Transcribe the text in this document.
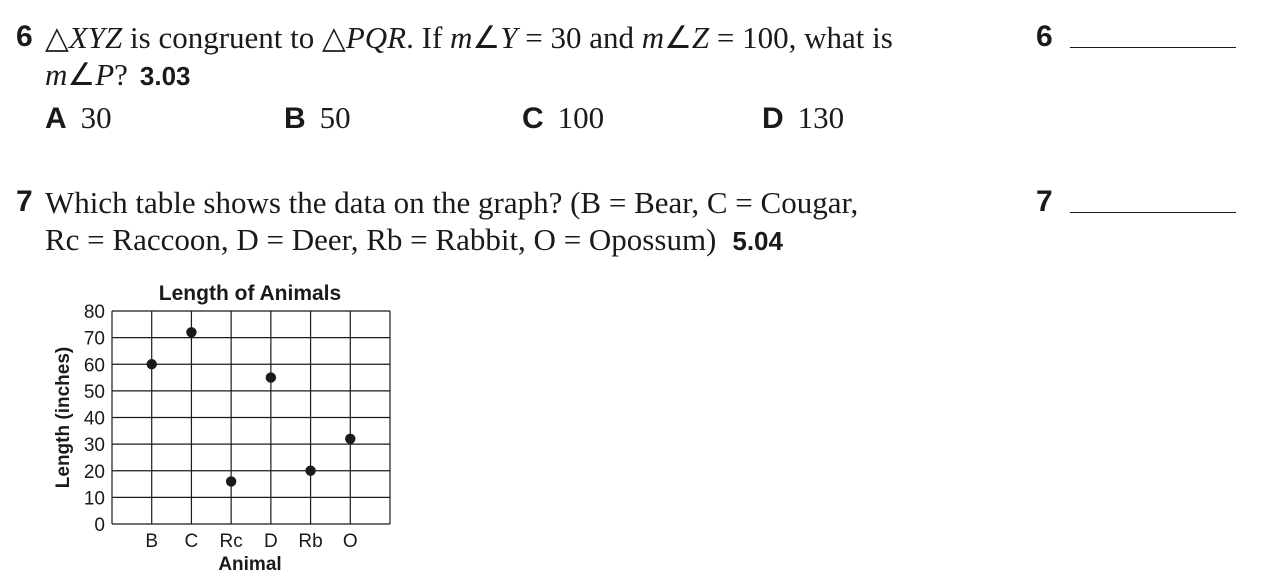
6 △XYZ is congruent to △PQR. If m∠Y = 30 and m∠Z = 100, what is
m∠P? 3.03
A 30	B 50	C 100	D 130
6
7 Which table shows the data on the graph? (B = Bear, C = Cougar,
Rc = Raccoon, D = Deer, Rb = Rabbit, O = Opossum) 5.04
7
Length of Animals
0
10
20
30
40
50
60
70
80
B C Rc D Rb O
Length (inches)
Animal
